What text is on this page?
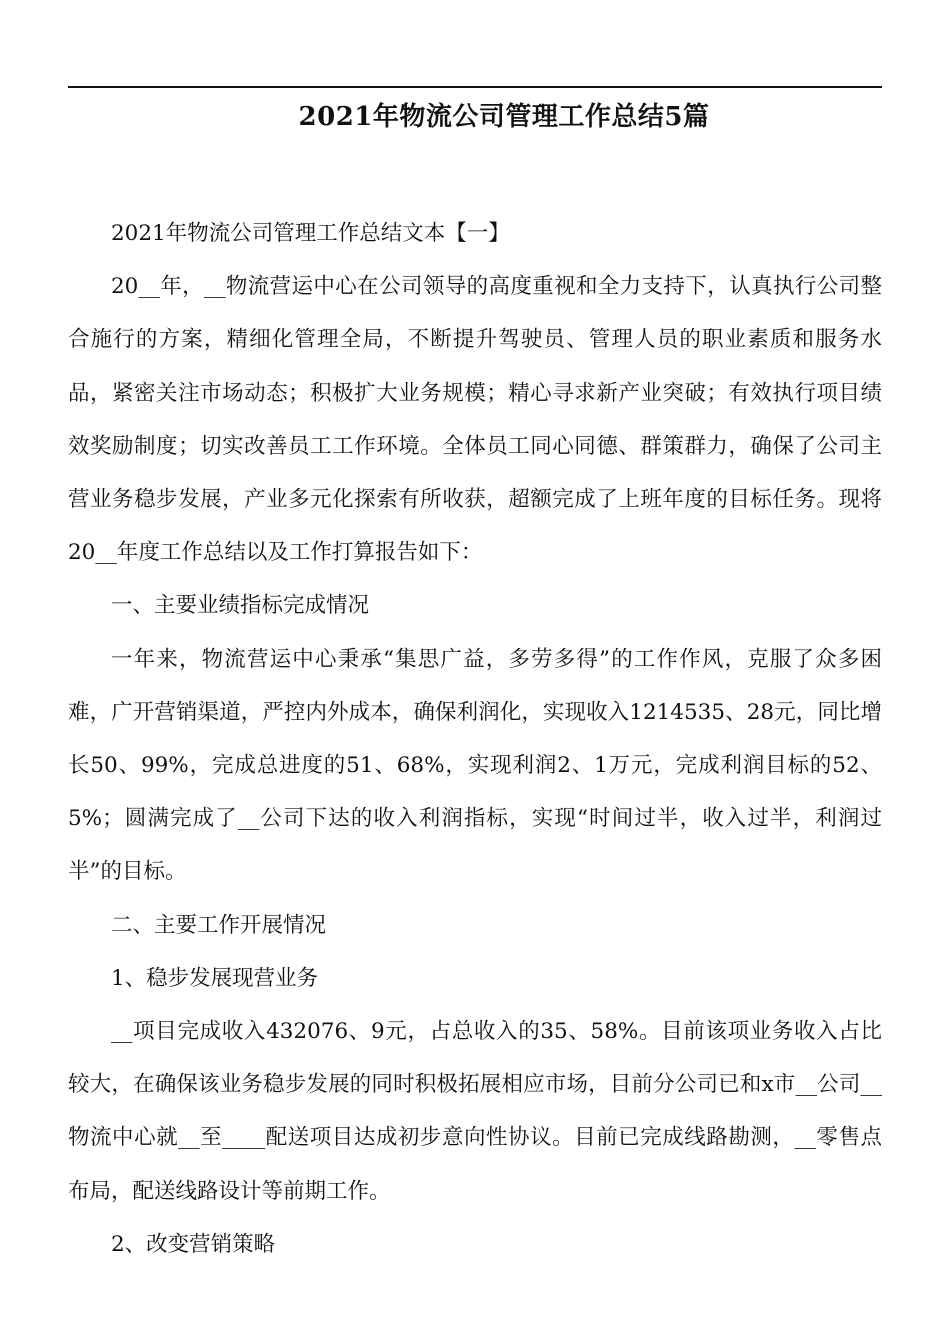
2021年物流公司管理工作总结5篇

2021年物流公司管理工作总结文本【一】

20__年，__物流营运中心在公司领导的高度重视和全力支持下，认真执行公司整合施行的方案，精细化管理全局，不断提升驾驶员、管理人员的职业素质和服务水品，紧密关注市场动态；积极扩大业务规模；精心寻求新产业突破；有效执行项目绩效奖励制度；切实改善员工工作环境。全体员工同心同德、群策群力，确保了公司主营业务稳步发展，产业多元化探索有所收获，超额完成了上班年度的目标任务。现将20__年度工作总结以及工作打算报告如下：

一、主要业绩指标完成情况

一年来，物流营运中心秉承“集思广益，多劳多得”的工作作风，克服了众多困难，广开营销渠道，严控内外成本，确保利润化，实现收入1214535、28元，同比增长50、99%，完成总进度的51、68%，实现利润2、1万元，完成利润目标的52、5%；圆满完成了__公司下达的收入利润指标，实现“时间过半，收入过半，利润过半”的目标。

二、主要工作开展情况

1、稳步发展现营业务

__项目完成收入432076、9元，占总收入的35、58%。目前该项业务收入占比较大，在确保该业务稳步发展的同时积极拓展相应市场，目前分公司已和x市__公司__物流中心就__至____配送项目达成初步意向性协议。目前已完成线路勘测，__零售点布局，配送线路设计等前期工作。

2、改变营销策略
